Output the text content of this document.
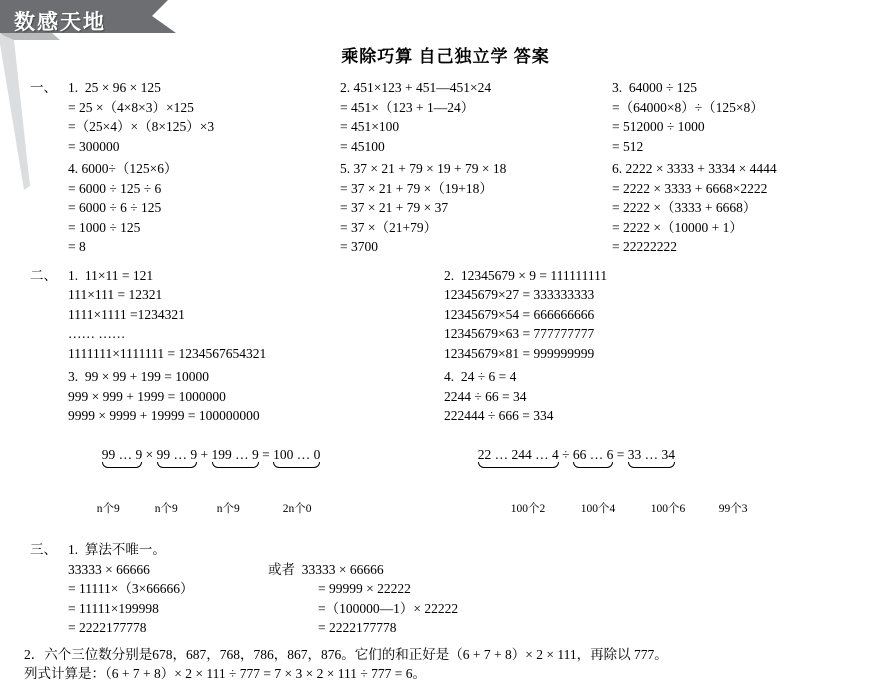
数感天地
乘除巧算 自己独立学 答案
一、 1.  25 × 96 × 125
= 25 ×（4×8×3）×125
=（25×4）×（8×125）×3
= 300000
2. 451×123 + 451—451×24
= 451×（123 + 1—24）
= 451×100
= 45100
3.  64000 ÷ 125
=（64000×8）÷（125×8）
= 512000 ÷ 1000
= 512
4. 6000÷（125×6）
= 6000 ÷ 125 ÷ 6
= 6000 ÷ 6 ÷ 125
= 1000 ÷ 125
= 8
5. 37 × 21 + 79 × 19 + 79 × 18
= 37 × 21 + 79 ×（19+18）
= 37 × 21 + 79 × 37
= 37 ×（21+79）
= 3700
6. 2222 × 3333 + 3334 × 4444
= 2222 × 3333 + 6668×2222
= 2222 ×（3333 + 6668）
= 2222 ×（10000 + 1）
= 22222222
二、 1.  11×11 = 121
111×111 = 12321
1111×1111 =1234321
…… ……
1111111×1111111 = 1234567654321
2.  12345679 × 9 = 111111111
12345679×27 = 333333333
12345679×54 = 666666666
12345679×63 = 777777777
12345679×81 = 999999999
3.  99 × 99 + 199 = 10000
999 × 999 + 1999 = 1000000
9999 × 9999 + 19999 = 100000000

99 … 9
× 99 … 9
+ 199 … 9
= 100 … 0

n个9	n个9	n个9	2n个0

4.  24 ÷ 6 = 4
2244 ÷ 66 = 34
222444 ÷ 666 = 334

22 … 244 … 4
÷ 66 … 6
= 33 … 34

100个2	100个4	100个6	99个3

三、 1.  算法不唯一。
33333 × 66666
= 11111×（3×66666）
= 11111×199998
= 2222177778
或者 33333 × 66666
= 99999 × 22222
=（100000—1）× 22222
= 2222177778
2．六个三位数分别是678，687，768，786，867，876。它们的和正好是（6 + 7 + 8）× 2 × 111，再除以 777。
列式计算是：（6 + 7 + 8）× 2 × 111 ÷ 777 = 7 × 3 × 2 × 111 ÷ 777 = 6。
